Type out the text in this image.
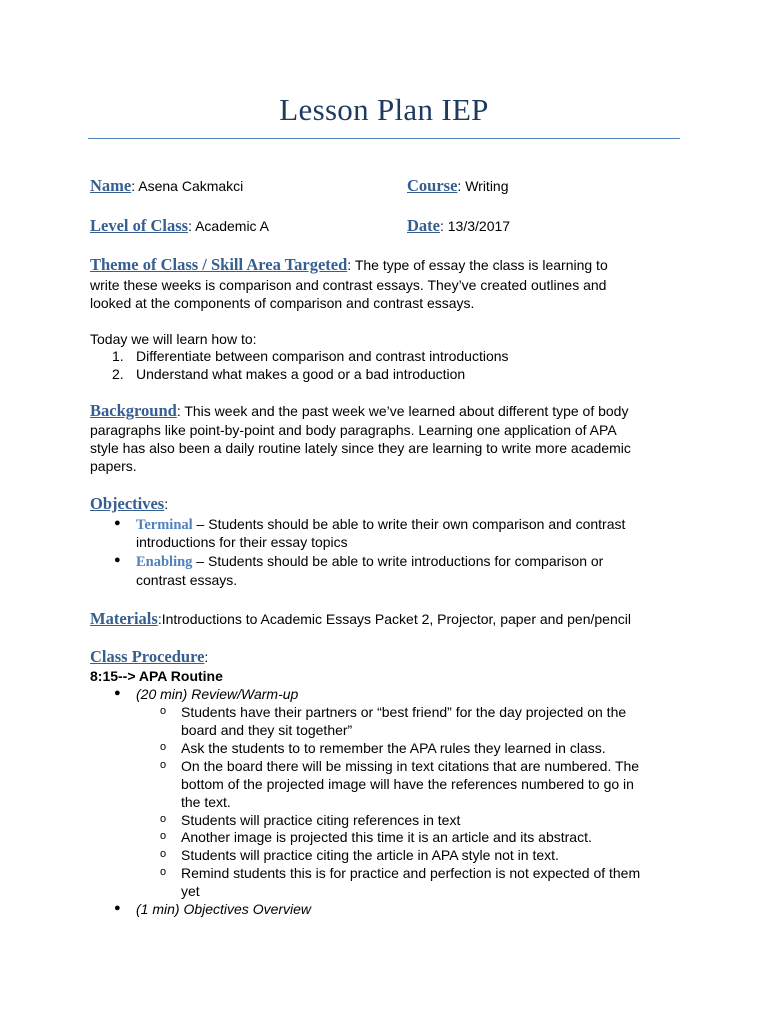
Lesson Plan IEP
Name: Asena Cakmakci	Course: Writing
Level of Class: Academic A	Date: 13/3/2017
Theme of Class / Skill Area Targeted: The type of essay the class is learning to
write these weeks is comparison and contrast essays. They’ve created outlines and
looked at the components of comparison and contrast essays.
Today we will learn how to:
1. Differentiate between comparison and contrast introductions
2. Understand what makes a good or a bad introduction
Background: This week and the past week we’ve learned about different type of body
paragraphs like point-by-point and body paragraphs. Learning one application of APA
style has also been a daily routine lately since they are learning to write more academic
papers.
Objectives:
● Terminal – Students should be able to write their own comparison and contrast
introductions for their essay topics
● Enabling – Students should be able to write introductions for comparison or
contrast essays.
Materials:Introductions to Academic Essays Packet 2, Projector, paper and pen/pencil
Class Procedure:
8:15--> APA Routine
● (20 min) Review/Warm-up
o Students have their partners or “best friend” for the day projected on the
board and they sit together”
o Ask the students to to remember the APA rules they learned in class.
o On the board there will be missing in text citations that are numbered. The
bottom of the projected image will have the references numbered to go in
the text.
o Students will practice citing references in text
o Another image is projected this time it is an article and its abstract.
o Students will practice citing the article in APA style not in text.
o Remind students this is for practice and perfection is not expected of them
yet
● (1 min) Objectives Overview
